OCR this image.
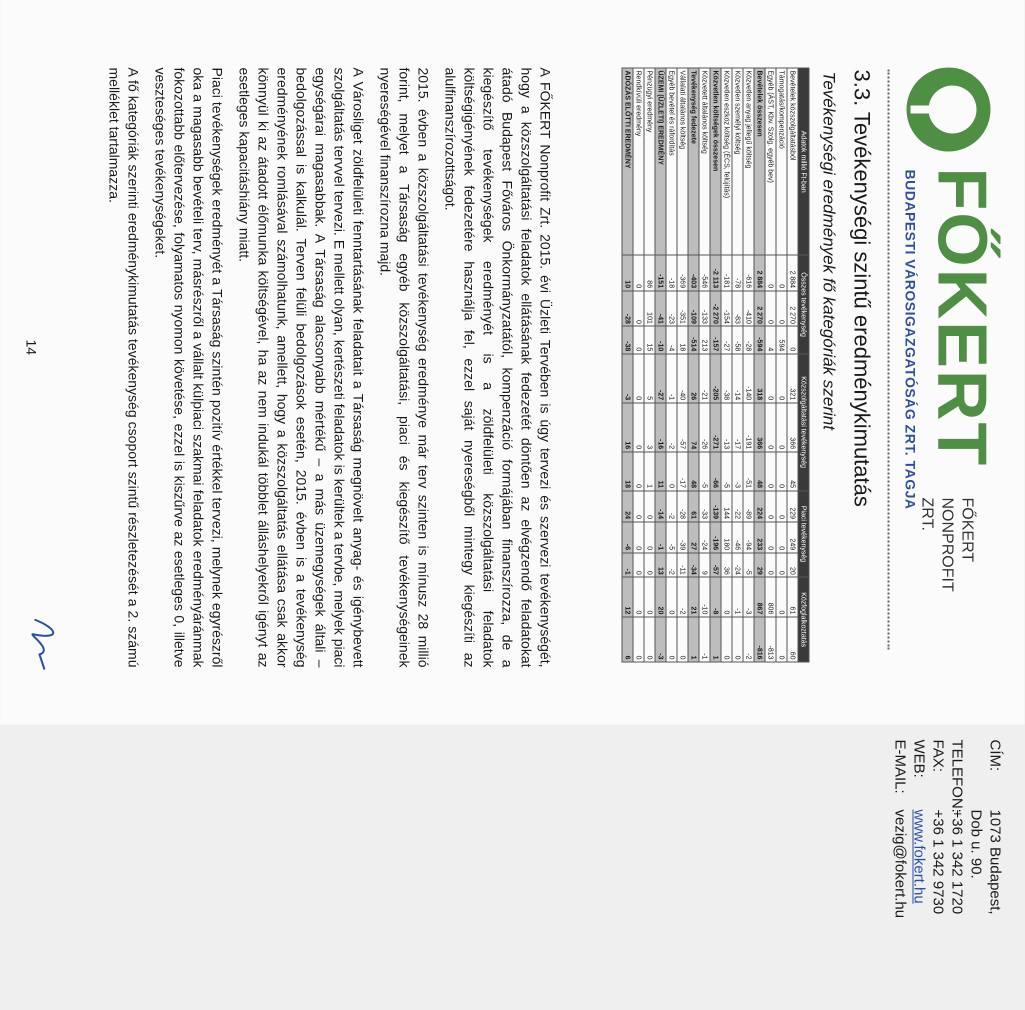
FŐKERT
FŐKERT
NONPROFIT ZRT.
BUDAPESTI VÁROSIGAZGATÓSÁG ZRT. TAGJA
CÍM:
1073 Budapest,
Dob u. 90.
TELEFON:
+36 1 342 1720
FAX:
+36 1 342 9730
WEB:
www.fokert.hu
E-MAIL:
vezig@fokert.hu
3.3. Tevékenységi szintű eredménykimutatás
Tevékenységi eredmények fő kategóriák szerint
Adatok millió Ft-ban	Összes tevékenység			Közszolgáltatási tevékenység			Piaci tevékenység			Közfoglalkoztatás	
Bevételek közszolgáltatásból	2 884	2 270	0	321	366	45	229	249	20	61	60
Támogatás/kompenzáció	0	0	594	0	0	0	0	0	0	0	0
Egyéb (ÁST, Kbv. Szolg. egyéb bev)	0	0	4	0	0	0	0	0	0	806	-813
Bevételek összesen	2 884	2 270	-594	318	366	48	224	233	29	867	-816
Közvetlen anyag jellegű költség	-616	-410	-28	-140	-191	-51	-89	-94	-5	-3	-2
Közvetlen személyi költség	-78	-83	-58	-14	-17	-3	-22	-46	-24	-1	0
Közvetlen eszköz költség (ÉCS, felújítás)	-181	-154	-27	-38	-13	-5	144	180	36	0	0
Közvetlen költségek összesen	-2 113	-2 270	-157	-205	-271	-66	-139	-196	-57	-8	1
Közvetett általános költség	-546	-133	213	-21	-26	-5	-33	-24	9	-10	-1
Tevékenység fedezete	-403	-109	-514	26	74	48	61	27	-34	21	1
Vállalati általános költség	-369	-351	18	-40	-57	-17	-28	-39	-11	-2	0
Egyéb bevétel és ráfordítás	-18	-23	-4	-1	-2	0	-2	-5	-2	0	0
ÜZEMI (ÜZLETI) EREDMÉNY	-151	-41	-10	-27	-16	11	-14	-1	13	20	-3
Pénzügyi eredmény	86	101	15	5	3	1	0	0	0	0	0
Rendkívüli eredmény	0	0	0	0	0	0	0	0	0	0	0
ADÓZÁS ELŐTTI EREDMÉNY	10	-28	-38	-3	16	18	24	-6	-1	12	6

A FŐKERT Nonprofit Zrt. 2015. évi Üzleti Tervében is úgy tervezi és szervezi tevékenységét, hogy a közszolgáltatási feladatok ellátásának fedezetét döntően az elvégzendő feladatokat átadó Budapest Főváros Önkormányzatától, kompenzáció formájában finanszírozza, de a kiegészítő tevékenységek eredményét is a zöldfelületi közszolgáltatási feladatok költségigényének fedezetére használja fel, ezzel saját nyereségből mintegy kiegészíti az alulfinanszírozottságot.

2015. évben a közszolgáltatási tevékenység eredménye már terv szinten is mínusz 28 millió forint, melyet a Társaság egyéb közszolgáltatási, piaci és kiegészítő tevékenységeinek nyereségével finanszírozna majd.

A Városliget zöldfelületi fenntartásának feladatait a Társaság megnövelt anyag- és igénybevett szolgáltatás tervvel tervezi. E mellett olyan, kertészeti feladatok is kerültek a tervbe, melyek piaci egységárai magasabbak. A Társaság alacsonyabb mértékű – a más üzemegységek általi – bedolgozással is kalkulál. Terven felüli bedolgozások esetén, 2015. évben is a tevékenység eredményének romlásával számolhatunk, amellett, hogy a közszolgáltatás ellátása csak akkor könnyül ki az átadott élőmunka költségével, ha az nem indukál többlet álláshelyekről igényt az esetleges kapacitáshiány miatt.

Piaci tevékenységek eredményét a Társaság szintén pozitív értékkel tervezi, melynek egyrészről oka a magasabb bevételi terv, másrészről a vállalt külpiaci szakmai feladatok eredményáránmak fokozottabb előtervezése, folyamatos nyomon követése, ezzel is kiszűrve az esetleges 0, illetve veszteséges tevékenységeket.

A fő kategóriák szerinti eredménykimutatás tevékenység csoport szintű részletezését a 2. számú melléklet tartalmazza.

14
